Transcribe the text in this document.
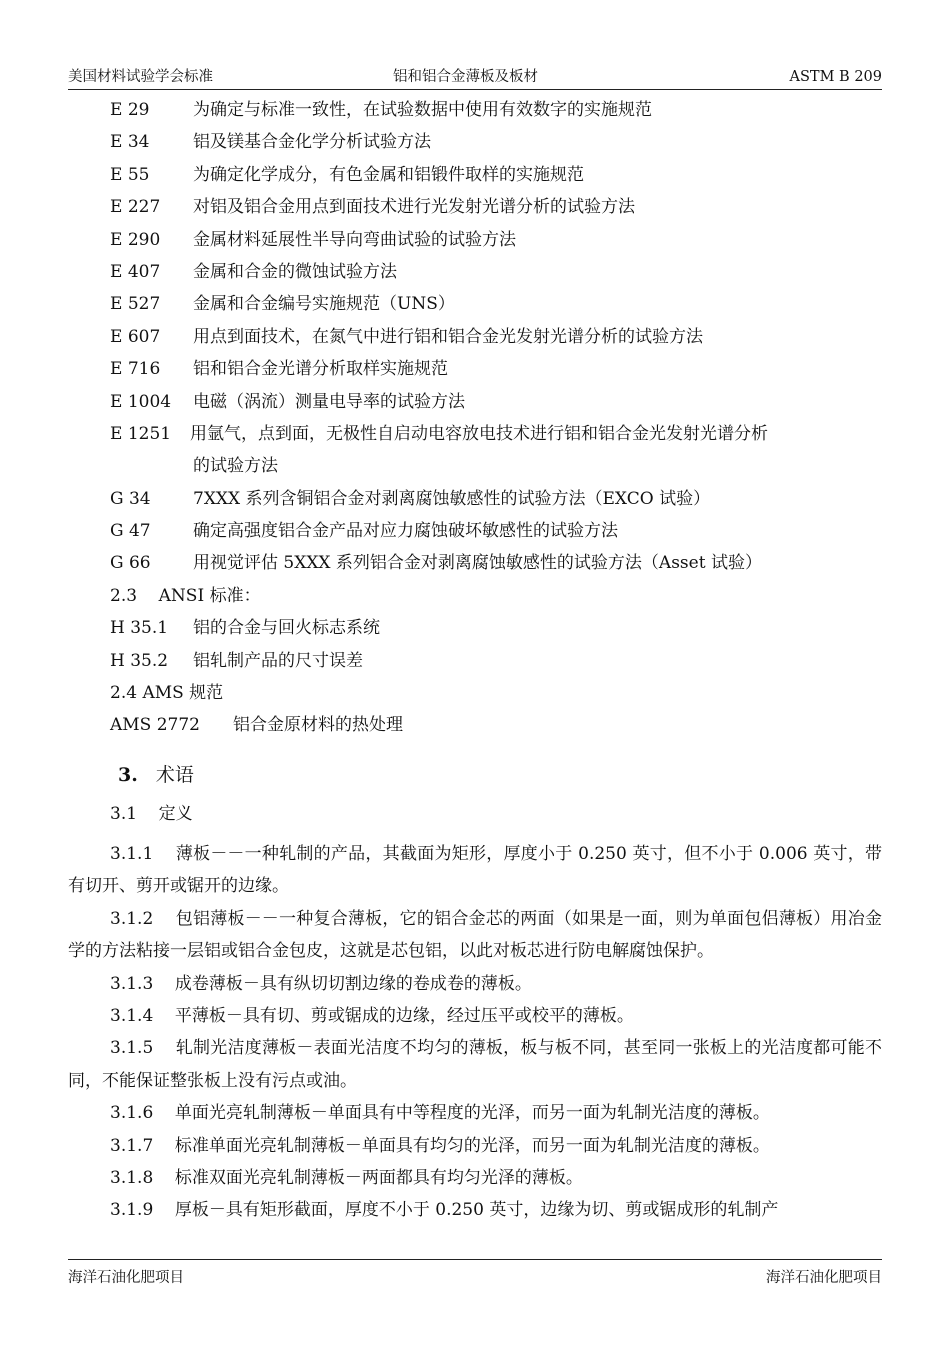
美国材料试验学会标准	铝和铝合金薄板及板材	ASTM B 209
E 29	为确定与标准一致性，在试验数据中使用有效数字的实施规范
E 34	铝及镁基合金化学分析试验方法
E 55	为确定化学成分，有色金属和铝锻件取样的实施规范
E 227 对铝及铝合金用点到面技术进行光发射光谱分析的试验方法
E 290 金属材料延展性半导向弯曲试验的试验方法
E 407 金属和合金的微蚀试验方法
E 527 金属和合金编号实施规范（UNS）
E 607 用点到面技术，在氮气中进行铝和铝合金光发射光谱分析的试验方法
E 716 铝和铝合金光谱分析取样实施规范
E 1004 电磁（涡流）测量电导率的试验方法
E 1251 用氩气，点到面，无极性自启动电容放电技术进行铝和铝合金光发射光谱分析
的试验方法
G 34 7XXX 系列含铜铝合金对剥离腐蚀敏感性的试验方法（EXCO 试验）
G 47 确定高强度铝合金产品对应力腐蚀破坏敏感性的试验方法
G 66 用视觉评估 5XXX 系列铝合金对剥离腐蚀敏感性的试验方法（Asset 试验）
2.3    ANSI 标准：
H 35.1 铝的合金与回火标志系统
H 35.2 铝轧制产品的尺寸误差
2.4 AMS 规范
AMS 2772 铝合金原材料的热处理
3. 术语
3.1    定义

3.1.1    薄板－－一种轧制的产品，其截面为矩形，厚度小于 0.250 英寸，但不小于 0.006 英寸，带有切开、剪开或锯开的边缘。

3.1.2    包铝薄板－－一种复合薄板，它的铝合金芯的两面（如果是一面，则为单面包侣薄板）用冶金学的方法粘接一层铝或铝合金包皮，这就是芯包铝，以此对板芯进行防电解腐蚀保护。

3.1.3    成卷薄板－具有纵切切割边缘的卷成卷的薄板。

3.1.4    平薄板－具有切、剪或锯成的边缘，经过压平或校平的薄板。

3.1.5    轧制光洁度薄板－表面光洁度不均匀的薄板，板与板不同，甚至同一张板上的光洁度都可能不同，不能保证整张板上没有污点或油。

3.1.6    单面光亮轧制薄板－单面具有中等程度的光泽，而另一面为轧制光洁度的薄板。

3.1.7    标准单面光亮轧制薄板－单面具有均匀的光泽，而另一面为轧制光洁度的薄板。

3.1.8    标准双面光亮轧制薄板－两面都具有均匀光泽的薄板。

3.1.9    厚板－具有矩形截面，厚度不小于 0.250 英寸，边缘为切、剪或锯成形的轧制产

海洋石油化肥项目	海洋石油化肥项目
